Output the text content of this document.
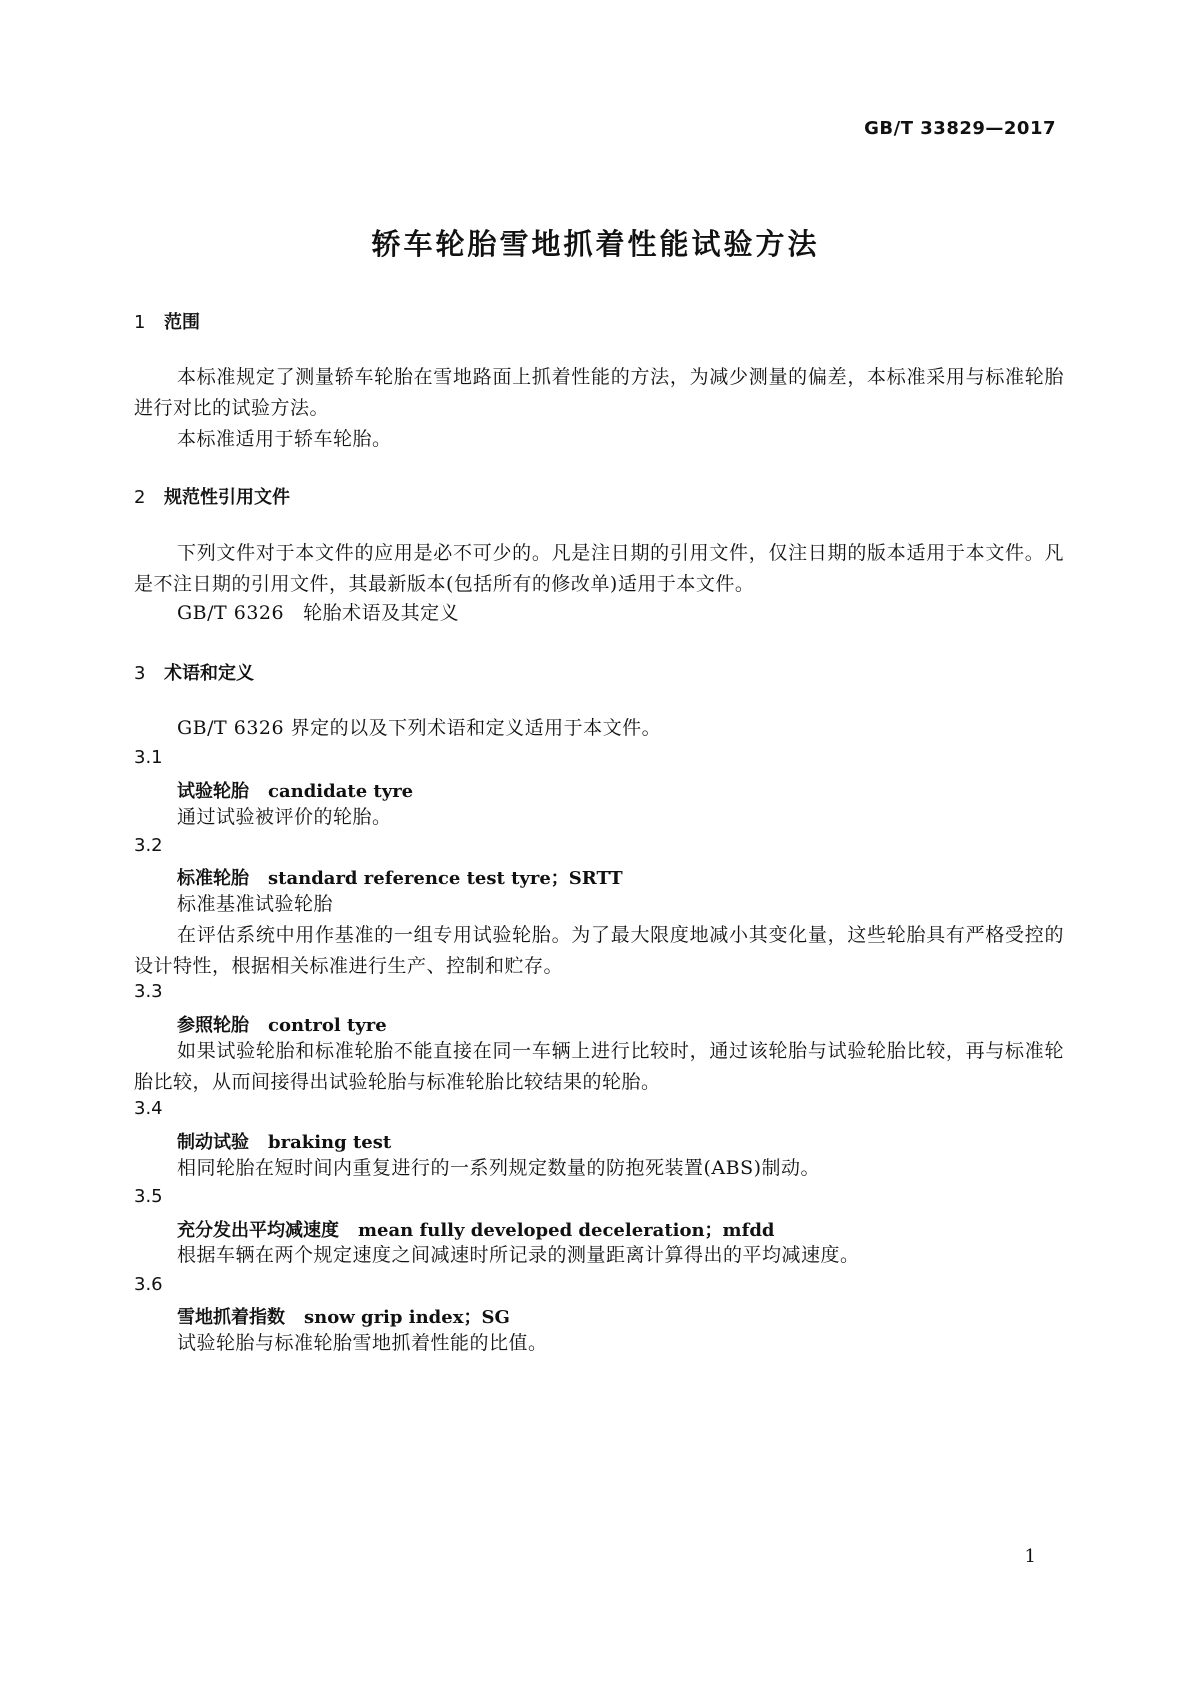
GB/T 33829—2017
轿车轮胎雪地抓着性能试验方法
1 范围
本标准规定了测量轿车轮胎在雪地路面上抓着性能的方法，为减少测量的偏差，本标准采用与标准轮胎进行对比的试验方法。
本标准适用于轿车轮胎。
2 规范性引用文件
下列文件对于本文件的应用是必不可少的。凡是注日期的引用文件，仅注日期的版本适用于本文件。凡是不注日期的引用文件，其最新版本(包括所有的修改单)适用于本文件。
GB/T 6326 轮胎术语及其定义
3 术语和定义
GB/T 6326 界定的以及下列术语和定义适用于本文件。
3.1
试验轮胎 candidate tyre
通过试验被评价的轮胎。
3.2
标准轮胎 standard reference test tyre；SRTT
标准基准试验轮胎
在评估系统中用作基准的一组专用试验轮胎。为了最大限度地减小其变化量，这些轮胎具有严格受控的设计特性，根据相关标准进行生产、控制和贮存。
3.3
参照轮胎 control tyre
如果试验轮胎和标准轮胎不能直接在同一车辆上进行比较时，通过该轮胎与试验轮胎比较，再与标准轮胎比较，从而间接得出试验轮胎与标准轮胎比较结果的轮胎。
3.4
制动试验 braking test
相同轮胎在短时间内重复进行的一系列规定数量的防抱死装置(ABS)制动。
3.5
充分发出平均减速度 mean fully developed deceleration；mfdd
根据车辆在两个规定速度之间减速时所记录的测量距离计算得出的平均减速度。
3.6
雪地抓着指数 snow grip index；SG
试验轮胎与标准轮胎雪地抓着性能的比值。
1
